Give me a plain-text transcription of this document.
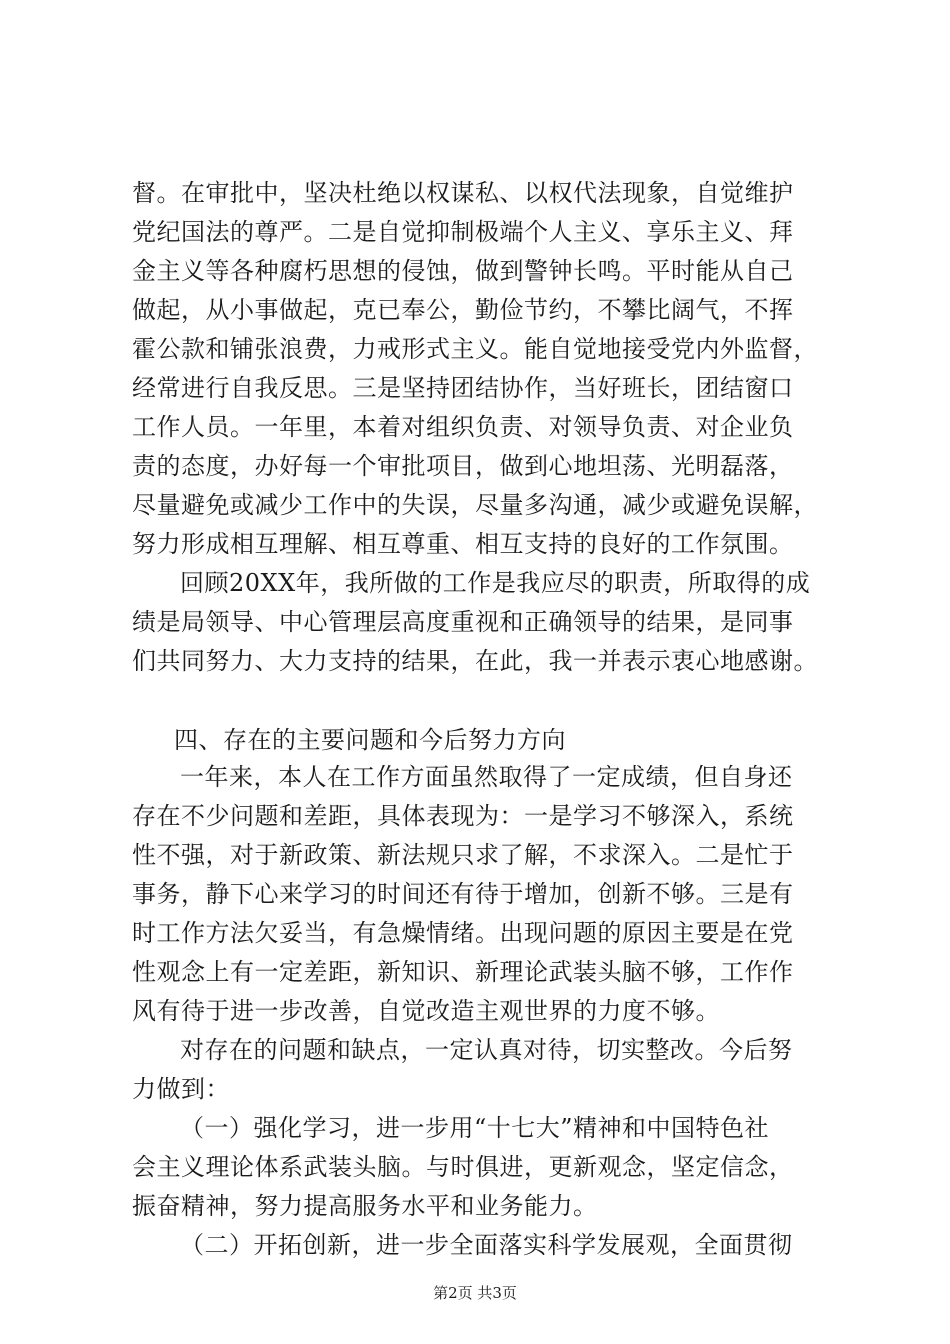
督。在审批中，坚决杜绝以权谋私、以权代法现象，自觉维护
党纪国法的尊严。二是自觉抑制极端个人主义、享乐主义、拜
金主义等各种腐朽思想的侵蚀，做到警钟长鸣。平时能从自己
做起，从小事做起，克已奉公，勤俭节约，不攀比阔气，不挥
霍公款和铺张浪费，力戒形式主义。能自觉地接受党内外监督，
经常进行自我反思。三是坚持团结协作，当好班长，团结窗口
工作人员。一年里，本着对组织负责、对领导负责、对企业负
责的态度，办好每一个审批项目，做到心地坦荡、光明磊落，
尽量避免或减少工作中的失误，尽量多沟通，减少或避免误解，
努力形成相互理解、相互尊重、相互支持的良好的工作氛围。
回顾20XX年，我所做的工作是我应尽的职责，所取得的成
绩是局领导、中心管理层高度重视和正确领导的结果，是同事
们共同努力、大力支持的结果，在此，我一并表示衷心地感谢。
四、存在的主要问题和今后努力方向
一年来，本人在工作方面虽然取得了一定成绩，但自身还
存在不少问题和差距，具体表现为：一是学习不够深入，系统
性不强，对于新政策、新法规只求了解，不求深入。二是忙于
事务，静下心来学习的时间还有待于增加，创新不够。三是有
时工作方法欠妥当，有急燥情绪。出现问题的原因主要是在党
性观念上有一定差距，新知识、新理论武装头脑不够，工作作
风有待于进一步改善，自觉改造主观世界的力度不够。
对存在的问题和缺点，一定认真对待，切实整改。今后努
力做到：
（一）强化学习，进一步用“十七大”精神和中国特色社
会主义理论体系武装头脑。与时俱进，更新观念，坚定信念，
振奋精神，努力提高服务水平和业务能力。
（二）开拓创新，进一步全面落实科学发展观，全面贯彻
第2页 共3页
